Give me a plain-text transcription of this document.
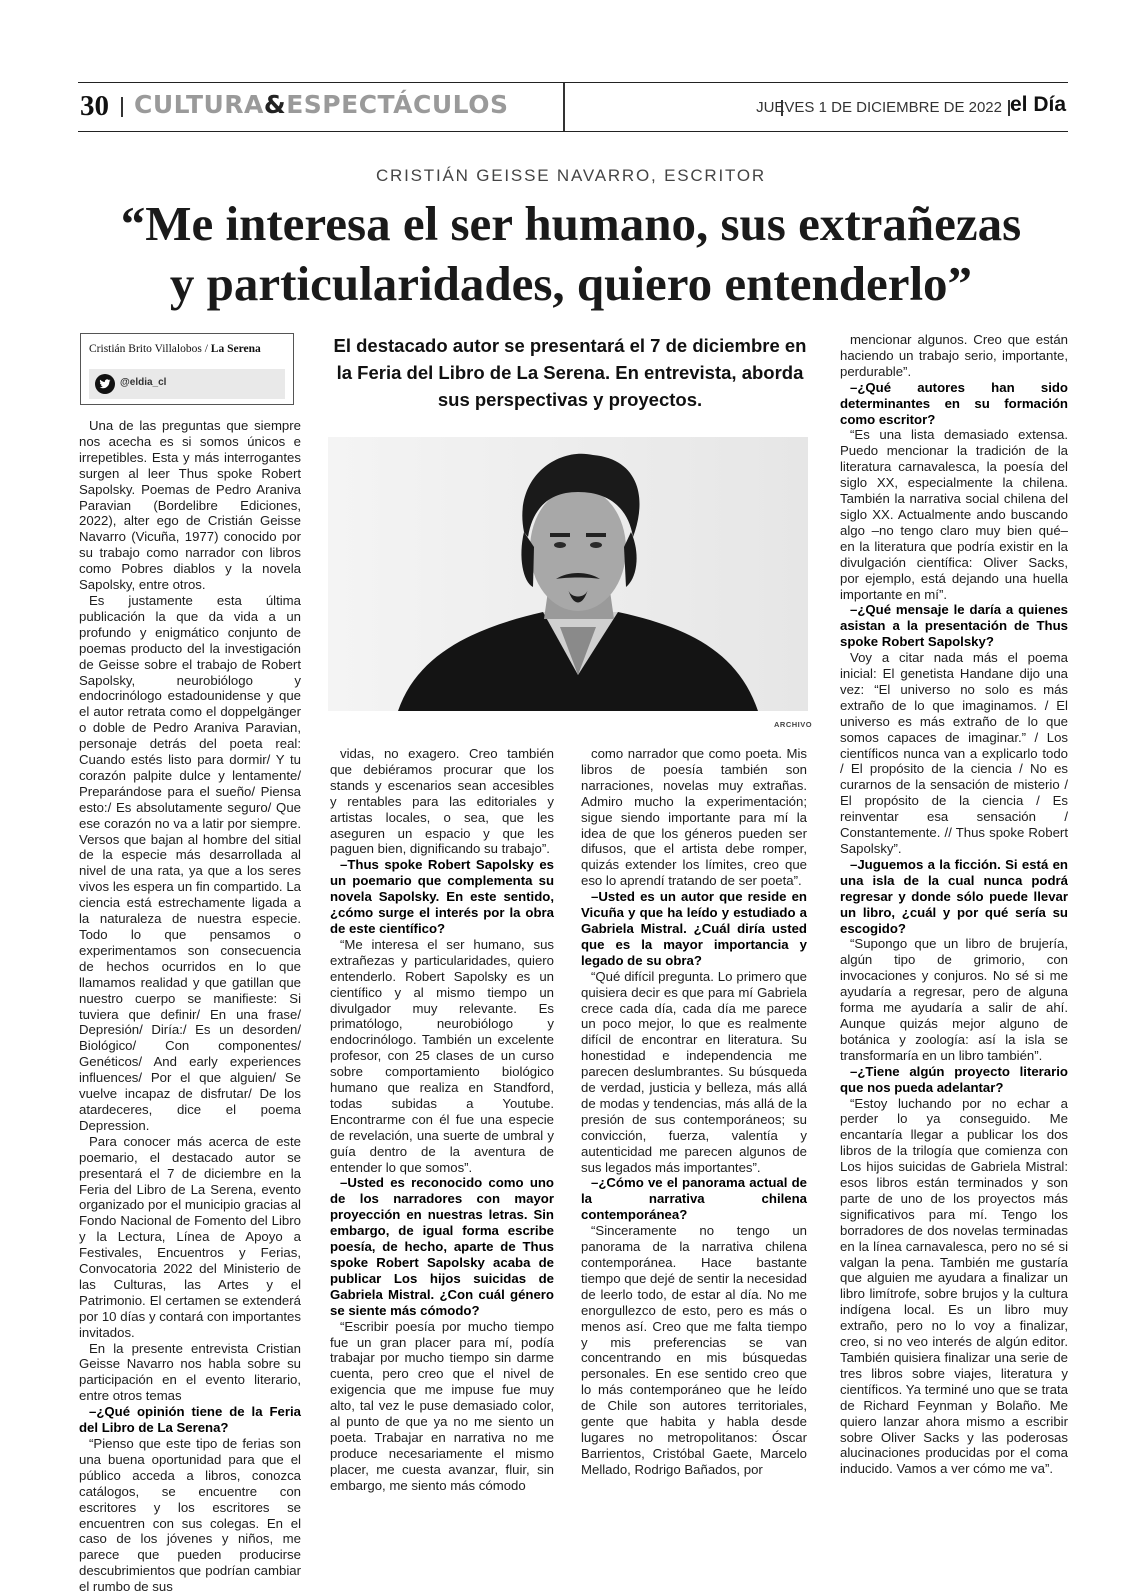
30 CULTURA&ESPECTÁCULOS	JUEVES 1 DE DICIEMBRE DE 2022 el Día
CRISTIÁN GEISSE NAVARRO, ESCRITOR
“Me interesa el ser humano, sus extrañezas
y particularidades, quiero entenderlo”
Cristián Brito Villalobos / La Serena
@eldia_cl
El destacado autor se presentará el 7 de diciembre en la Feria del Libro de La Serena. En entrevista, aborda sus perspectivas y proyectos.
ARCHIVO

Una de las preguntas que siempre nos acecha es si somos únicos e irrepetibles. Esta y más interrogantes surgen al leer Thus spoke Robert Sapolsky. Poemas de Pedro Araniva Paravian (Bordelibre Ediciones, 2022), alter ego de Cristián Geisse Navarro (Vicuña, 1977) conocido por su trabajo como narrador con libros como Pobres diablos y la novela Sapolsky, entre otros.

Es justamente esta última publicación la que da vida a un profundo y enigmático conjunto de poemas producto del la investigación de Geisse sobre el trabajo de Robert Sapolsky, neurobiólogo y endocrinólogo estadounidense y que el autor retrata como el doppelgänger o doble de Pedro Araniva Paravian, personaje detrás del poeta real: Cuando estés listo para dormir/ Y tu corazón palpite dulce y lentamente/ Preparándose para el sueño/ Piensa esto:/ Es absolutamente seguro/ Que ese corazón no va a latir por siempre. Versos que bajan al hombre del sitial de la especie más desarrollada al nivel de una rata, ya que a los seres vivos les espera un fin compartido. La ciencia está estrechamente ligada a la naturaleza de nuestra especie. Todo lo que pensamos o experimentamos son consecuencia de hechos ocurridos en lo que llamamos realidad y que gatillan que nuestro cuerpo se manifieste: Si tuviera que definir/ En una frase/ Depresión/ Diría:/ Es un desorden/ Biológico/ Con componentes/ Genéticos/ And early experiences influences/ Por el que alguien/ Se vuelve incapaz de disfrutar/ De los atardeceres, dice el poema Depression.

Para conocer más acerca de este poemario, el destacado autor se presentará el 7 de diciembre en la Feria del Libro de La Serena, evento organizado por el municipio gracias al Fondo Nacional de Fomento del Libro y la Lectura, Línea de Apoyo a Festivales, Encuentros y Ferias, Convocatoria 2022 del Ministerio de las Culturas, las Artes y el Patrimonio. El certamen se extenderá por 10 días y contará con importantes invitados.

En la presente entrevista Cristian Geisse Navarro nos habla sobre su participación en el evento literario, entre otros temas

–¿Qué opinión tiene de la Feria del Libro de La Serena?

“Pienso que este tipo de ferias son una buena oportunidad para que el público acceda a libros, conozca catálogos, se encuentre con escritores y los escritores se encuentren con sus colegas. En el caso de los jóvenes y niños, me parece que pueden producirse descubrimientos que podrían cambiar el rumbo de sus

vidas, no exagero. Creo también que debiéramos procurar que los stands y escenarios sean accesibles y rentables para las editoriales y artistas locales, o sea, que les aseguren un espacio y que les paguen bien, dignificando su trabajo”.

–Thus spoke Robert Sapolsky es un poemario que complementa su novela Sapolsky. En este sentido, ¿cómo surge el interés por la obra de este científico?

“Me interesa el ser humano, sus extrañezas y particularidades, quiero entenderlo. Robert Sapolsky es un científico y al mismo tiempo un divulgador muy relevante. Es primatólogo, neurobiólogo y endocrinólogo. También un excelente profesor, con 25 clases de un curso sobre comportamiento biológico humano que realiza en Standford, todas subidas a Youtube. Encontrarme con él fue una especie de revelación, una suerte de umbral y guía dentro de la aventura de entender lo que somos”.

–Usted es reconocido como uno de los narradores con mayor proyección en nuestras letras. Sin embargo, de igual forma escribe poesía, de hecho, aparte de Thus spoke Robert Sapolsky acaba de publicar Los hijos suicidas de Gabriela Mistral. ¿Con cuál género se siente más cómodo?

“Escribir poesía por mucho tiempo fue un gran placer para mí, podía trabajar por mucho tiempo sin darme cuenta, pero creo que el nivel de exigencia que me impuse fue muy alto, tal vez le puse demasiado color, al punto de que ya no me siento un poeta. Trabajar en narrativa no me produce necesariamente el mismo placer, me cuesta avanzar, fluir, sin embargo, me siento más cómodo

como narrador que como poeta. Mis libros de poesía también son narraciones, novelas muy extrañas. Admiro mucho la experimentación; sigue siendo importante para mí la idea de que los géneros pueden ser difusos, que el artista debe romper, quizás extender los límites, creo que eso lo aprendí tratando de ser poeta”.

–Usted es un autor que reside en Vicuña y que ha leído y estudiado a Gabriela Mistral. ¿Cuál diría usted que es la mayor importancia y legado de su obra?

“Qué difícil pregunta. Lo primero que quisiera decir es que para mí Gabriela crece cada día, cada día me parece un poco mejor, lo que es realmente difícil de encontrar en literatura. Su honestidad e independencia me parecen deslumbrantes. Su búsqueda de verdad, justicia y belleza, más allá de modas y tendencias, más allá de la presión de sus contemporáneos; su convicción, fuerza, valentía y autenticidad me parecen algunos de sus legados más importantes”.

–¿Cómo ve el panorama actual de la narrativa chilena contemporánea?

“Sinceramente no tengo un panorama de la narrativa chilena contemporánea. Hace bastante tiempo que dejé de sentir la necesidad de leerlo todo, de estar al día. No me enorgullezco de esto, pero es más o menos así. Creo que me falta tiempo y mis preferencias se van concentrando en mis búsquedas personales. En ese sentido creo que lo más contemporáneo que he leído de Chile son autores territoriales, gente que habita y habla desde lugares no metropolitanos: Óscar Barrientos, Cristóbal Gaete, Marcelo Mellado, Rodrigo Bañados, por

mencionar algunos. Creo que están haciendo un trabajo serio, importante, perdurable”.

–¿Qué autores han sido determinantes en su formación como escritor?

“Es una lista demasiado extensa. Puedo mencionar la tradición de la literatura carnavalesca, la poesía del siglo XX, especialmente la chilena. También la narrativa social chilena del siglo XX. Actualmente ando buscando algo –no tengo claro muy bien qué– en la literatura que podría existir en la divulgación científica: Oliver Sacks, por ejemplo, está dejando una huella importante en mí”.

–¿Qué mensaje le daría a quienes asistan a la presentación de Thus spoke Robert Sapolsky?

Voy a citar nada más el poema inicial: El genetista Handane dijo una vez: “El universo no solo es más extraño de lo que imaginamos. / El universo es más extraño de lo que somos capaces de imaginar.” / Los científicos nunca van a explicarlo todo / El propósito de la ciencia / No es curarnos de la sensación de misterio / El propósito de la ciencia / Es reinventar esa sensación / Constantemente. // Thus spoke Robert Sapolsky”.

–Juguemos a la ficción. Si está en una isla de la cual nunca podrá regresar y donde sólo puede llevar un libro, ¿cuál y por qué sería su escogido?

“Supongo que un libro de brujería, algún tipo de grimorio, con invocaciones y conjuros. No sé si me ayudaría a regresar, pero de alguna forma me ayudaría a salir de ahí. Aunque quizás mejor alguno de botánica y zoología: así la isla se transformaría en un libro también”.

–¿Tiene algún proyecto literario que nos pueda adelantar?

“Estoy luchando por no echar a perder lo ya conseguido. Me encantaría llegar a publicar los dos libros de la trilogía que comienza con Los hijos suicidas de Gabriela Mistral: esos libros están terminados y son parte de uno de los proyectos más significativos para mí. Tengo los borradores de dos novelas terminadas en la línea carnavalesca, pero no sé si valgan la pena. También me gustaría que alguien me ayudara a finalizar un libro limítrofe, sobre brujos y la cultura indígena local. Es un libro muy extraño, pero no lo voy a finalizar, creo, si no veo interés de algún editor. También quisiera finalizar una serie de tres libros sobre viajes, literatura y científicos. Ya terminé uno que se trata de Richard Feynman y Bolaño. Me quiero lanzar ahora mismo a escribir sobre Oliver Sacks y las poderosas alucinaciones producidas por el coma inducido. Vamos a ver cómo me va”.
